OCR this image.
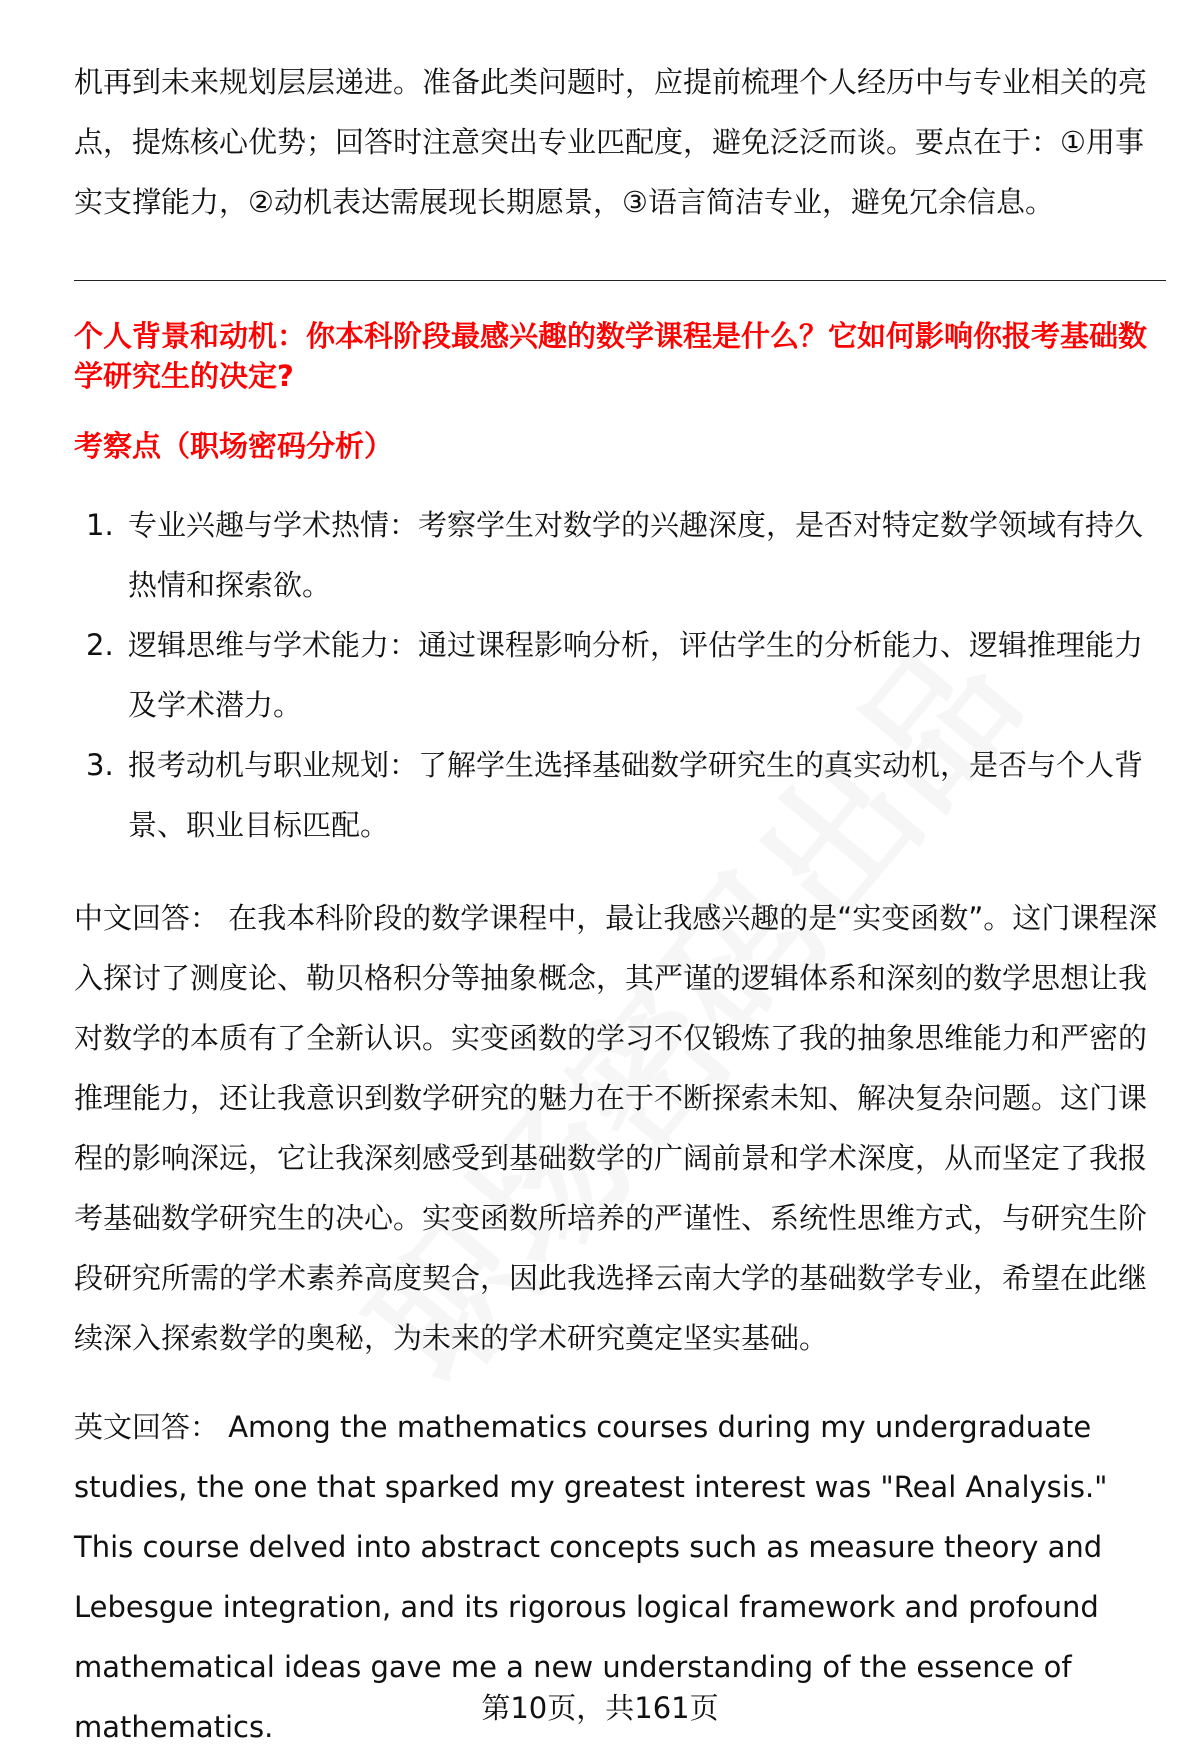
机再到未来规划层层递进。准备此类问题时，应提前梳理个人经历中与专业相关的亮点，提炼核心优势；回答时注意突出专业匹配度，避免泛泛而谈。要点在于：①用事实支撑能力，②动机表达需展现长期愿景，③语言简洁专业，避免冗余信息。
个人背景和动机：你本科阶段最感兴趣的数学课程是什么？它如何影响你报考基础数学研究生的决定?
考察点（职场密码分析）
1. 专业兴趣与学术热情：考察学生对数学的兴趣深度，是否对特定数学领域有持久热情和探索欲。
2. 逻辑思维与学术能力：通过课程影响分析，评估学生的分析能力、逻辑推理能力及学术潜力。
3. 报考动机与职业规划：了解学生选择基础数学研究生的真实动机，是否与个人背景、职业目标匹配。
中文回答： 在我本科阶段的数学课程中，最让我感兴趣的是“实变函数”。这门课程深入探讨了测度论、勒贝格积分等抽象概念，其严谨的逻辑体系和深刻的数学思想让我对数学的本质有了全新认识。实变函数的学习不仅锻炼了我的抽象思维能力和严密的推理能力，还让我意识到数学研究的魅力在于不断探索未知、解决复杂问题。这门课程的影响深远，它让我深刻感受到基础数学的广阔前景和学术深度，从而坚定了我报考基础数学研究生的决心。实变函数所培养的严谨性、系统性思维方式，与研究生阶段研究所需的学术素养高度契合，因此我选择云南大学的基础数学专业，希望在此继续深入探索数学的奥秘，为未来的学术研究奠定坚实基础。
英文回答： Among the mathematics courses during my undergraduate studies, the one that sparked my greatest interest was "Real Analysis." This course delved into abstract concepts such as measure theory and Lebesgue integration, and its rigorous logical framework and profound mathematical ideas gave me a new understanding of the essence of mathematics.
第10页，共161页
